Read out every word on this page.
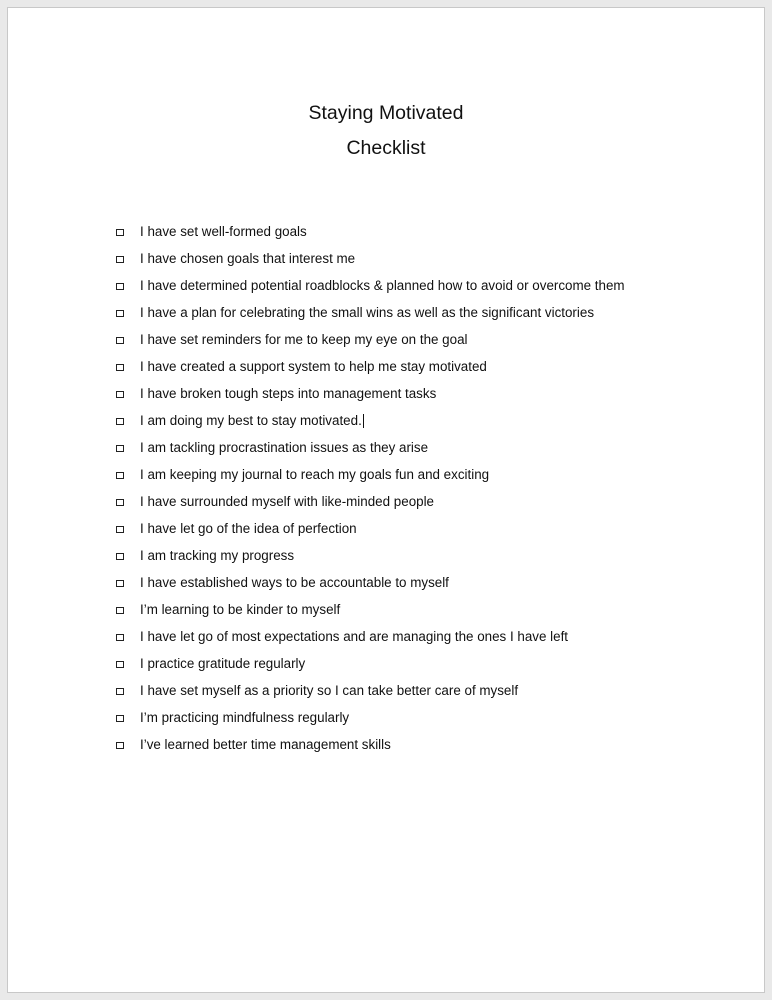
Staying Motivated

Checklist

I have set well-formed goals
I have chosen goals that interest me
I have determined potential roadblocks & planned how to avoid or overcome them
I have a plan for celebrating the small wins as well as the significant victories
I have set reminders for me to keep my eye on the goal
I have created a support system to help me stay motivated
I have broken tough steps into management tasks
I am doing my best to stay motivated.
I am tackling procrastination issues as they arise
I am keeping my journal to reach my goals fun and exciting
I have surrounded myself with like-minded people
I have let go of the idea of perfection
I am tracking my progress
I have established ways to be accountable to myself
I’m learning to be kinder to myself
I have let go of most expectations and are managing the ones I have left
I practice gratitude regularly
I have set myself as a priority so I can take better care of myself
I’m practicing mindfulness regularly
I’ve learned better time management skills
